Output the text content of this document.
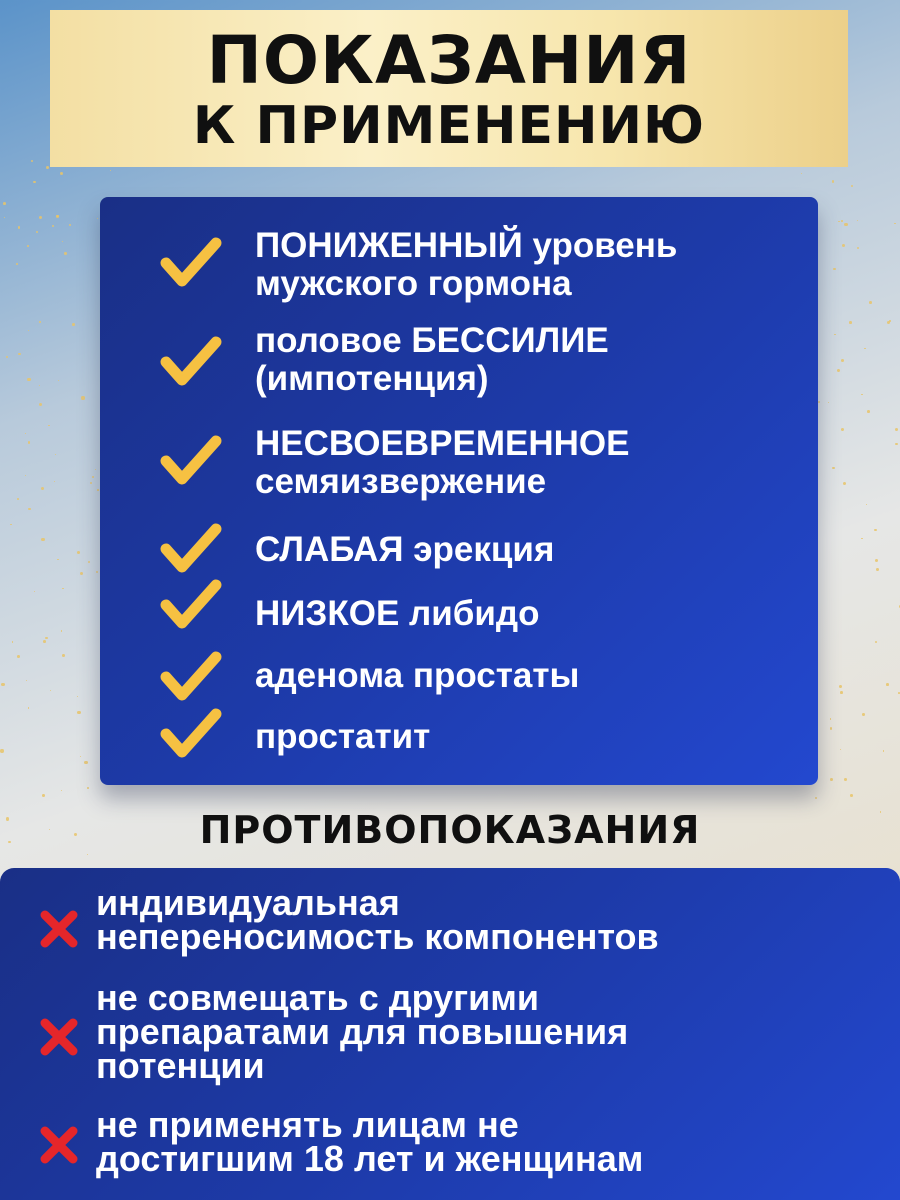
ПОКАЗАНИЯ
К ПРИМЕНЕНИЮ
ПОНИЖЕННЫЙ уровень
мужского гормона
половое БЕССИЛИЕ
(импотенция)
НЕСВОЕВРЕМЕННОЕ
семяизвержение
СЛАБАЯ эрекция
НИЗКОЕ либидо
аденома простаты
простатит
ПРОТИВОПОКАЗАНИЯ
индивидуальная
непереносимость компонентов
не совмещать с другими
препаратами для повышения
потенции
не применять лицам не
достигшим 18 лет и женщинам
